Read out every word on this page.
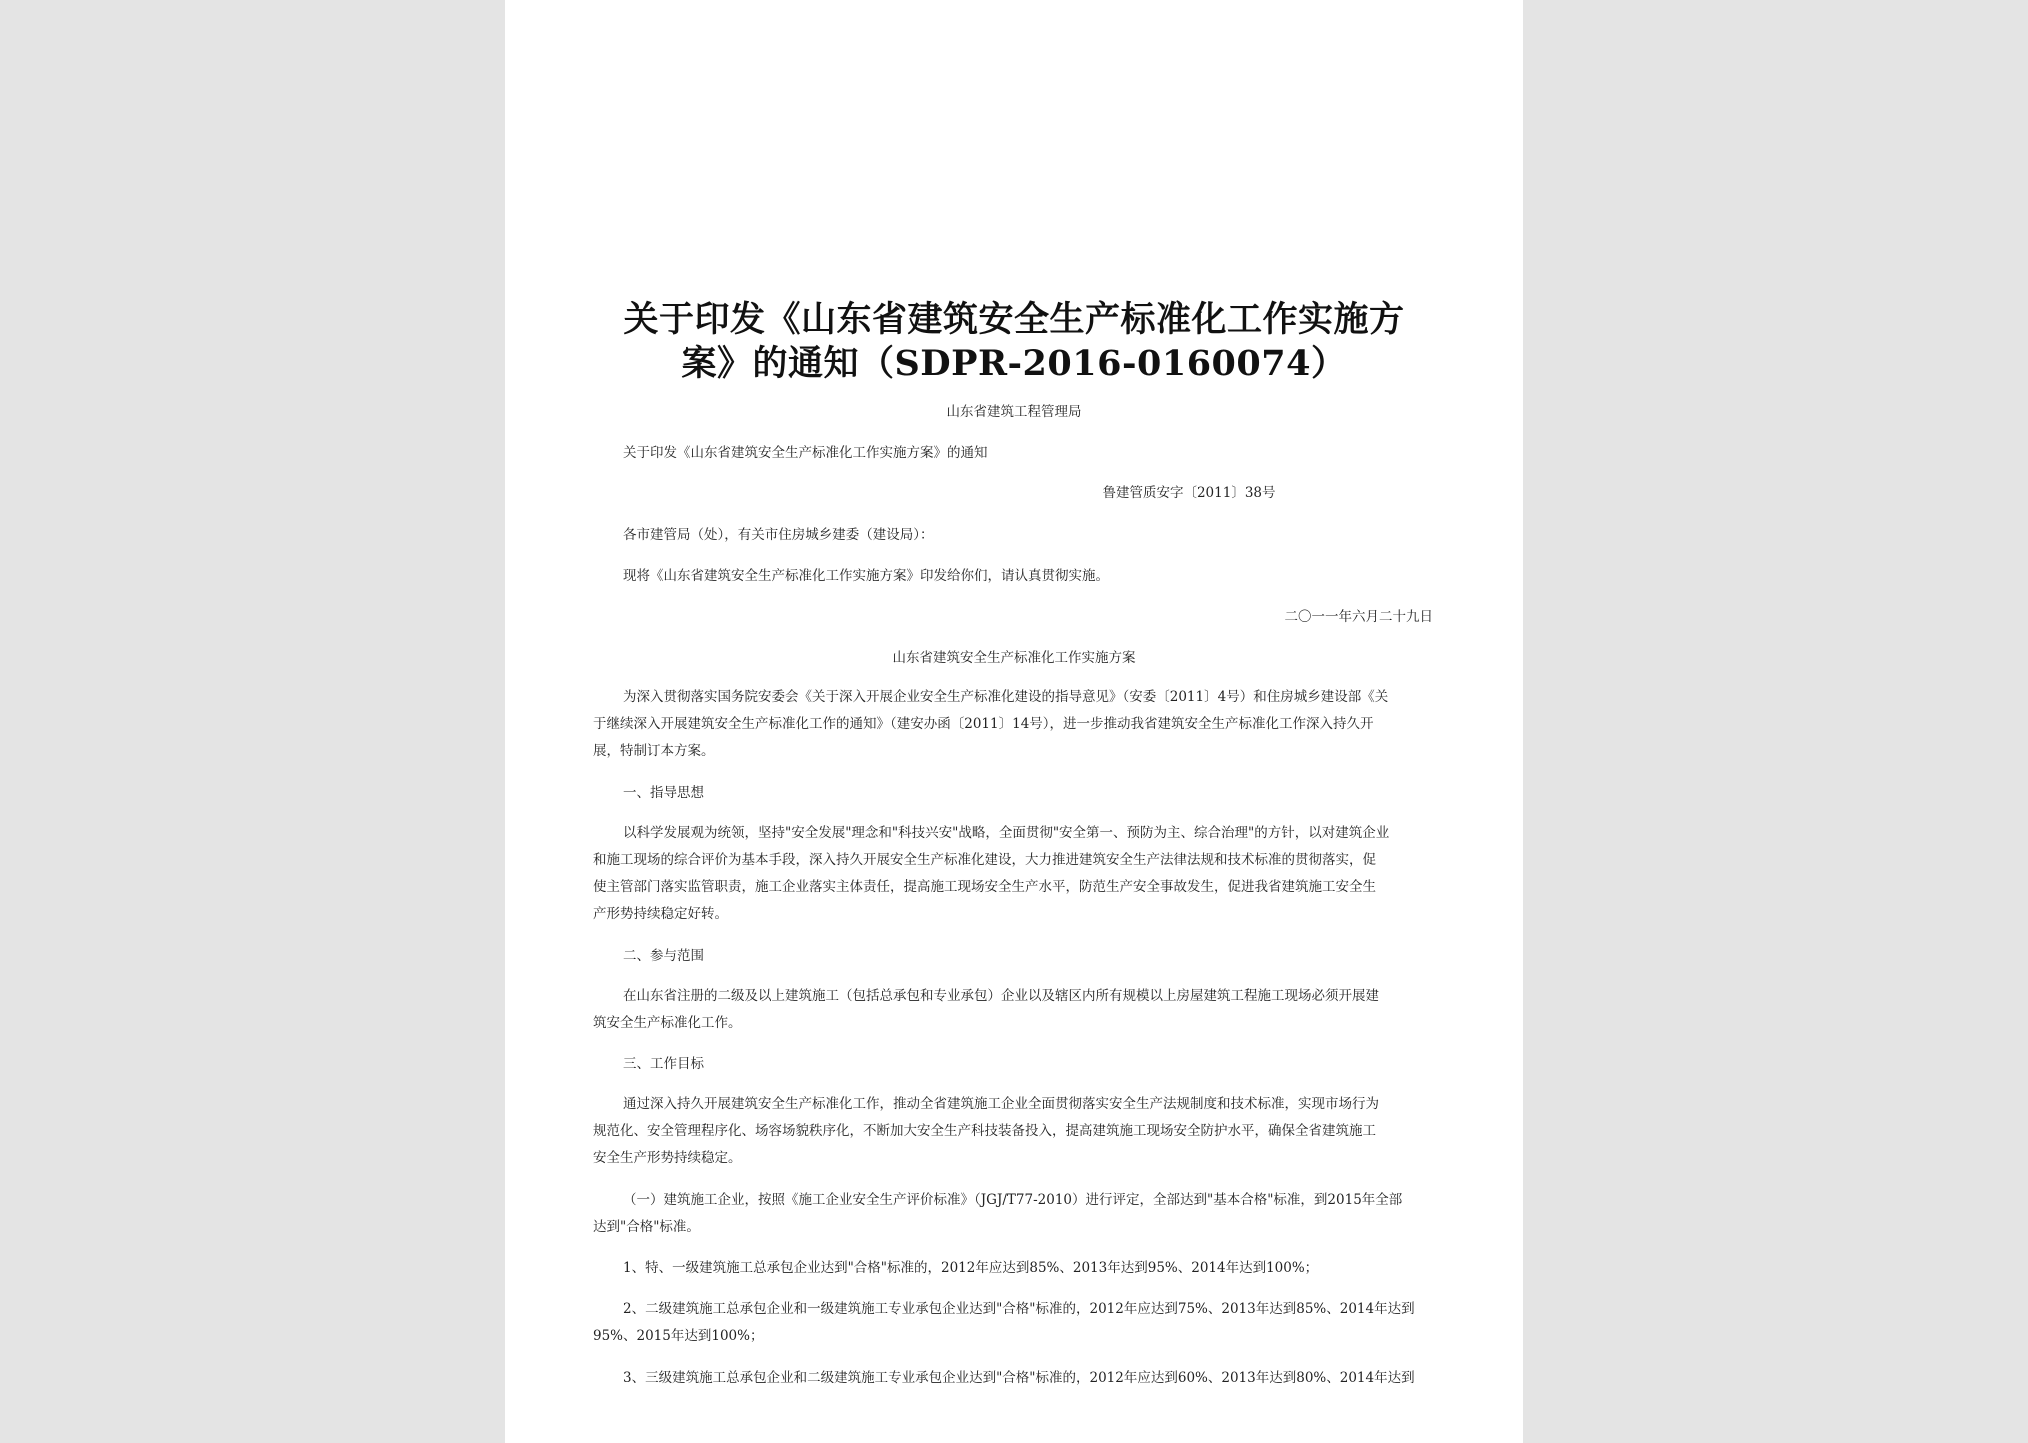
关于印发《山东省建筑安全生产标准化工作实施方
案》的通知（SDPR-2016-0160074）
山东省建筑工程管理局
关于印发《山东省建筑安全生产标准化工作实施方案》的通知
鲁建管质安字〔2011〕38号
各市建管局（处），有关市住房城乡建委（建设局）：
现将《山东省建筑安全生产标准化工作实施方案》印发给你们，请认真贯彻实施。
二〇一一年六月二十九日
山东省建筑安全生产标准化工作实施方案
为深入贯彻落实国务院安委会《关于深入开展企业安全生产标准化建设的指导意见》（安委〔2011〕4号）和住房城乡建设部《关
于继续深入开展建筑安全生产标准化工作的通知》（建安办函〔2011〕14号），进一步推动我省建筑安全生产标准化工作深入持久开
展，特制订本方案。
一、指导思想
以科学发展观为统领，坚持"安全发展"理念和"科技兴安"战略，全面贯彻"安全第一、预防为主、综合治理"的方针，以对建筑企业
和施工现场的综合评价为基本手段，深入持久开展安全生产标准化建设，大力推进建筑安全生产法律法规和技术标准的贯彻落实，促
使主管部门落实监管职责，施工企业落实主体责任，提高施工现场安全生产水平，防范生产安全事故发生，促进我省建筑施工安全生
产形势持续稳定好转。
二、参与范围
在山东省注册的二级及以上建筑施工（包括总承包和专业承包）企业以及辖区内所有规模以上房屋建筑工程施工现场必须开展建
筑安全生产标准化工作。
三、工作目标
通过深入持久开展建筑安全生产标准化工作，推动全省建筑施工企业全面贯彻落实安全生产法规制度和技术标准，实现市场行为
规范化、安全管理程序化、场容场貌秩序化，不断加大安全生产科技装备投入，提高建筑施工现场安全防护水平，确保全省建筑施工
安全生产形势持续稳定。
（一）建筑施工企业，按照《施工企业安全生产评价标准》（JGJ/T77-2010）进行评定，全部达到"基本合格"标准，到2015年全部
达到"合格"标准。
1、特、一级建筑施工总承包企业达到"合格"标准的，2012年应达到85%、2013年达到95%、2014年达到100%；
2、二级建筑施工总承包企业和一级建筑施工专业承包企业达到"合格"标准的，2012年应达到75%、2013年达到85%、2014年达到
95%、2015年达到100%；
3、三级建筑施工总承包企业和二级建筑施工专业承包企业达到"合格"标准的，2012年应达到60%、2013年达到80%、2014年达到
